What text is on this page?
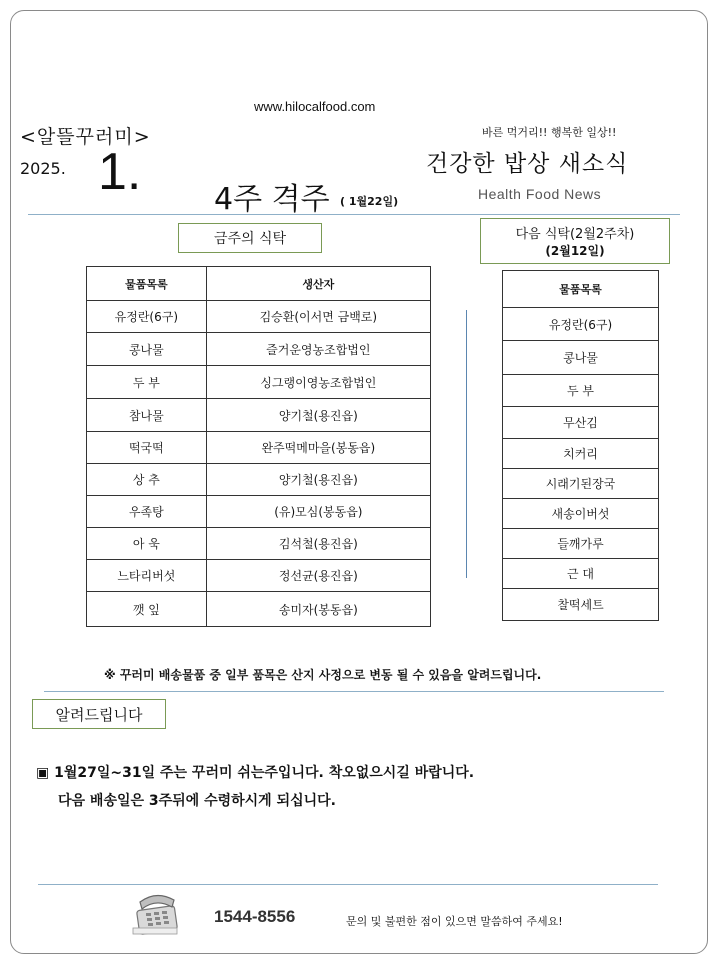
www.hilocalfood.com
<알뜰꾸러미>
2025. 1. 4주 격주 ( 1월22일)
바른 먹거리!! 행복한 일상!!
건강한 밥상 새소식
Health Food News
금주의 식탁
물품목록	생산자
유정란(6구)	김승환(이서면 금백로)
콩나물	즐거운영농조합법인
두 부	싱그랭이영농조합법인
참나물	양기철(용진읍)
떡국떡	완주떡메마을(봉동읍)
상 추	양기철(용진읍)
우족탕	(유)모심(봉동읍)
아 욱	김석철(용진읍)
느타리버섯	정선균(용진읍)
깻 잎	송미자(봉동읍)
다음 식탁(2월2주차)
(2월12일)
물품목록
유정란(6구)
콩나물
두 부
무산김
치커리
시래기된장국
새송이버섯
들깨가루
근 대
찰떡세트
※ 꾸러미 배송물품 중 일부 품목은 산지 사정으로 변동 될 수 있음을 알려드립니다.
알려드립니다
▣ 1월27일~31일 주는 꾸러미 쉬는주입니다. 착오없으시길 바랍니다.
다음 배송일은 3주뒤에 수령하시게 되십니다.
1544-8556	문의 및 불편한 점이 있으면 말씀하여 주세요!
